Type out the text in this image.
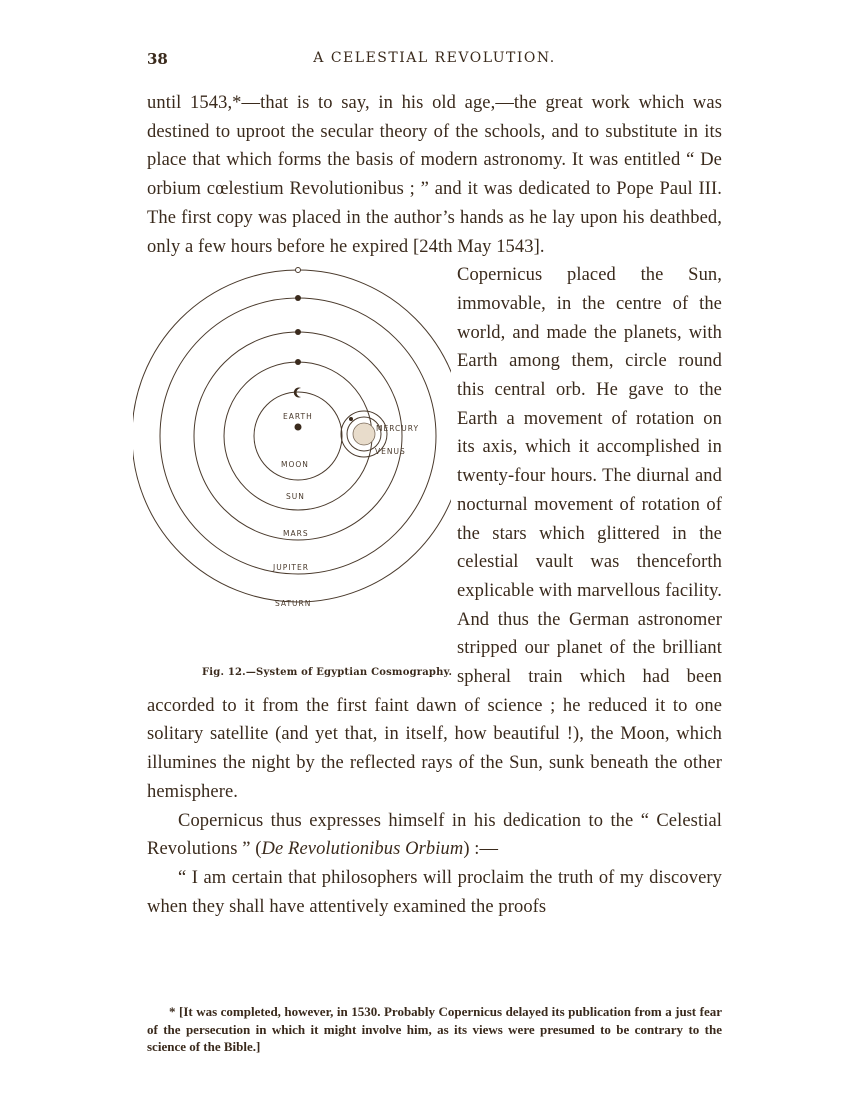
38	A CELESTIAL REVOLUTION.

until 1543,*—that is to say, in his old age,—the great work which was destined to uproot the secular theory of the schools, and to substitute in its place that which forms the basis of modern astronomy. It was entitled “ De orbium cœlestium Revolutionibus ; ” and it was dedicated to Pope Paul III. The first copy was placed in the author’s hands as he lay upon his deathbed, only a few hours before he expired [24th May 1543].

EARTH
MOON
SUN
MARS
JUPITER
SATURN
MERCURY
VENUS
Fig. 12.—System of Egyptian Cosmography.
Copernicus placed the Sun, immovable, in the centre of the world, and made the planets, with Earth among them, circle round this central orb. He gave to the Earth a movement of rotation on its axis, which it accomplished in twenty-four hours. The diurnal and nocturnal movement of rotation of the stars which glittered in the celestial vault was thenceforth explicable with marvellous facility. And thus the German astronomer stripped our planet of the brilliant spheral train which had been accorded to it from the first faint dawn of science ; he reduced it to one solitary satellite (and yet that, in itself, how beautiful !), the Moon, which illumines the night by the reflected rays of the Sun, sunk beneath the other hemisphere.

Copernicus thus expresses himself in his dedication to the “ Celestial Revolutions ” (De Revolutionibus Orbium) :—

“ I am certain that philosophers will proclaim the truth of my discovery when they shall have attentively examined the proofs

* [It was completed, however, in 1530. Probably Copernicus delayed its publication from a just fear of the persecution in which it might involve him, as its views were presumed to be contrary to the science of the Bible.]
